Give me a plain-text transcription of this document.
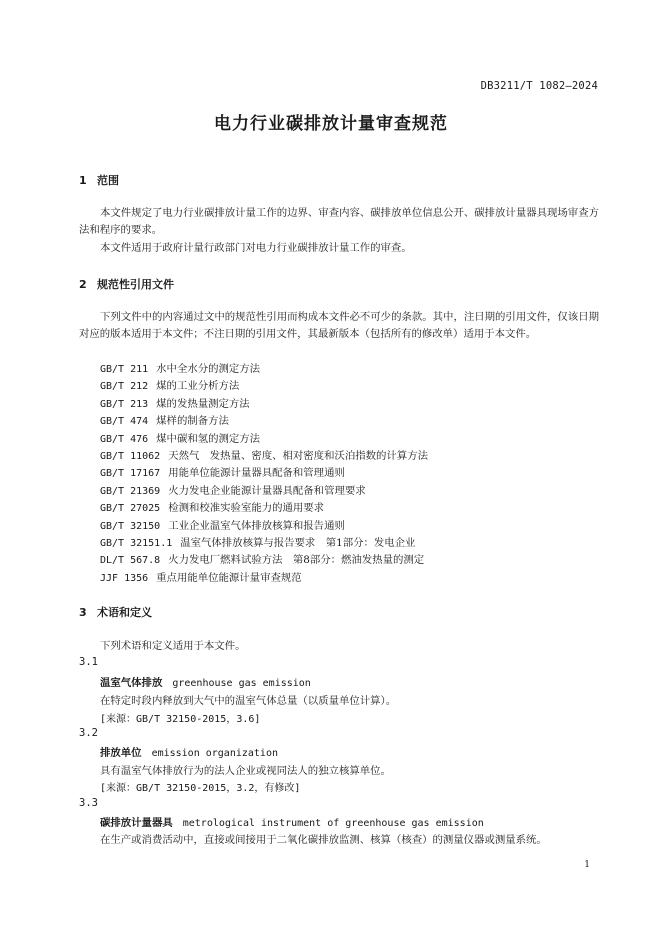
DB3211/T 1082—2024
电力行业碳排放计量审查规范
1 范围

本文件规定了电力行业碳排放计量工作的边界、审查内容、碳排放单位信息公开、碳排放计量器具现场审查方法和程序的要求。

本文件适用于政府计量行政部门对电力行业碳排放计量工作的审查。

2 规范性引用文件

下列文件中的内容通过文中的规范性引用而构成本文件必不可少的条款。其中，注日期的引用文件，仅该日期对应的版本适用于本文件；不注日期的引用文件，其最新版本（包括所有的修改单）适用于本文件。

GB/T 211 水中全水分的测定方法
GB/T 212 煤的工业分析方法
GB/T 213 煤的发热量测定方法
GB/T 474 煤样的制备方法
GB/T 476 煤中碳和氢的测定方法
GB/T 11062 天然气　发热量、密度、相对密度和沃泊指数的计算方法
GB/T 17167 用能单位能源计量器具配备和管理通则
GB/T 21369 火力发电企业能源计量器具配备和管理要求
GB/T 27025 检测和校准实验室能力的通用要求
GB/T 32150 工业企业温室气体排放核算和报告通则
GB/T 32151.1 温室气体排放核算与报告要求　第1部分：发电企业
DL/T 567.8 火力发电厂燃料试验方法　第8部分：燃油发热量的测定
JJF 1356 重点用能单位能源计量审查规范
3 术语和定义
下列术语和定义适用于本文件。
3.1
温室气体排放 greenhouse gas emission
在特定时段内释放到大气中的温室气体总量（以质量单位计算）。
[来源：GB/T 32150-2015，3.6]
3.2
排放单位 emission organization
具有温室气体排放行为的法人企业或视同法人的独立核算单位。
[来源：GB/T 32150-2015，3.2，有修改]
3.3
碳排放计量器具 metrological instrument of greenhouse gas emission
在生产或消费活动中，直接或间接用于二氧化碳排放监测、核算（核查）的测量仪器或测量系统。
1
